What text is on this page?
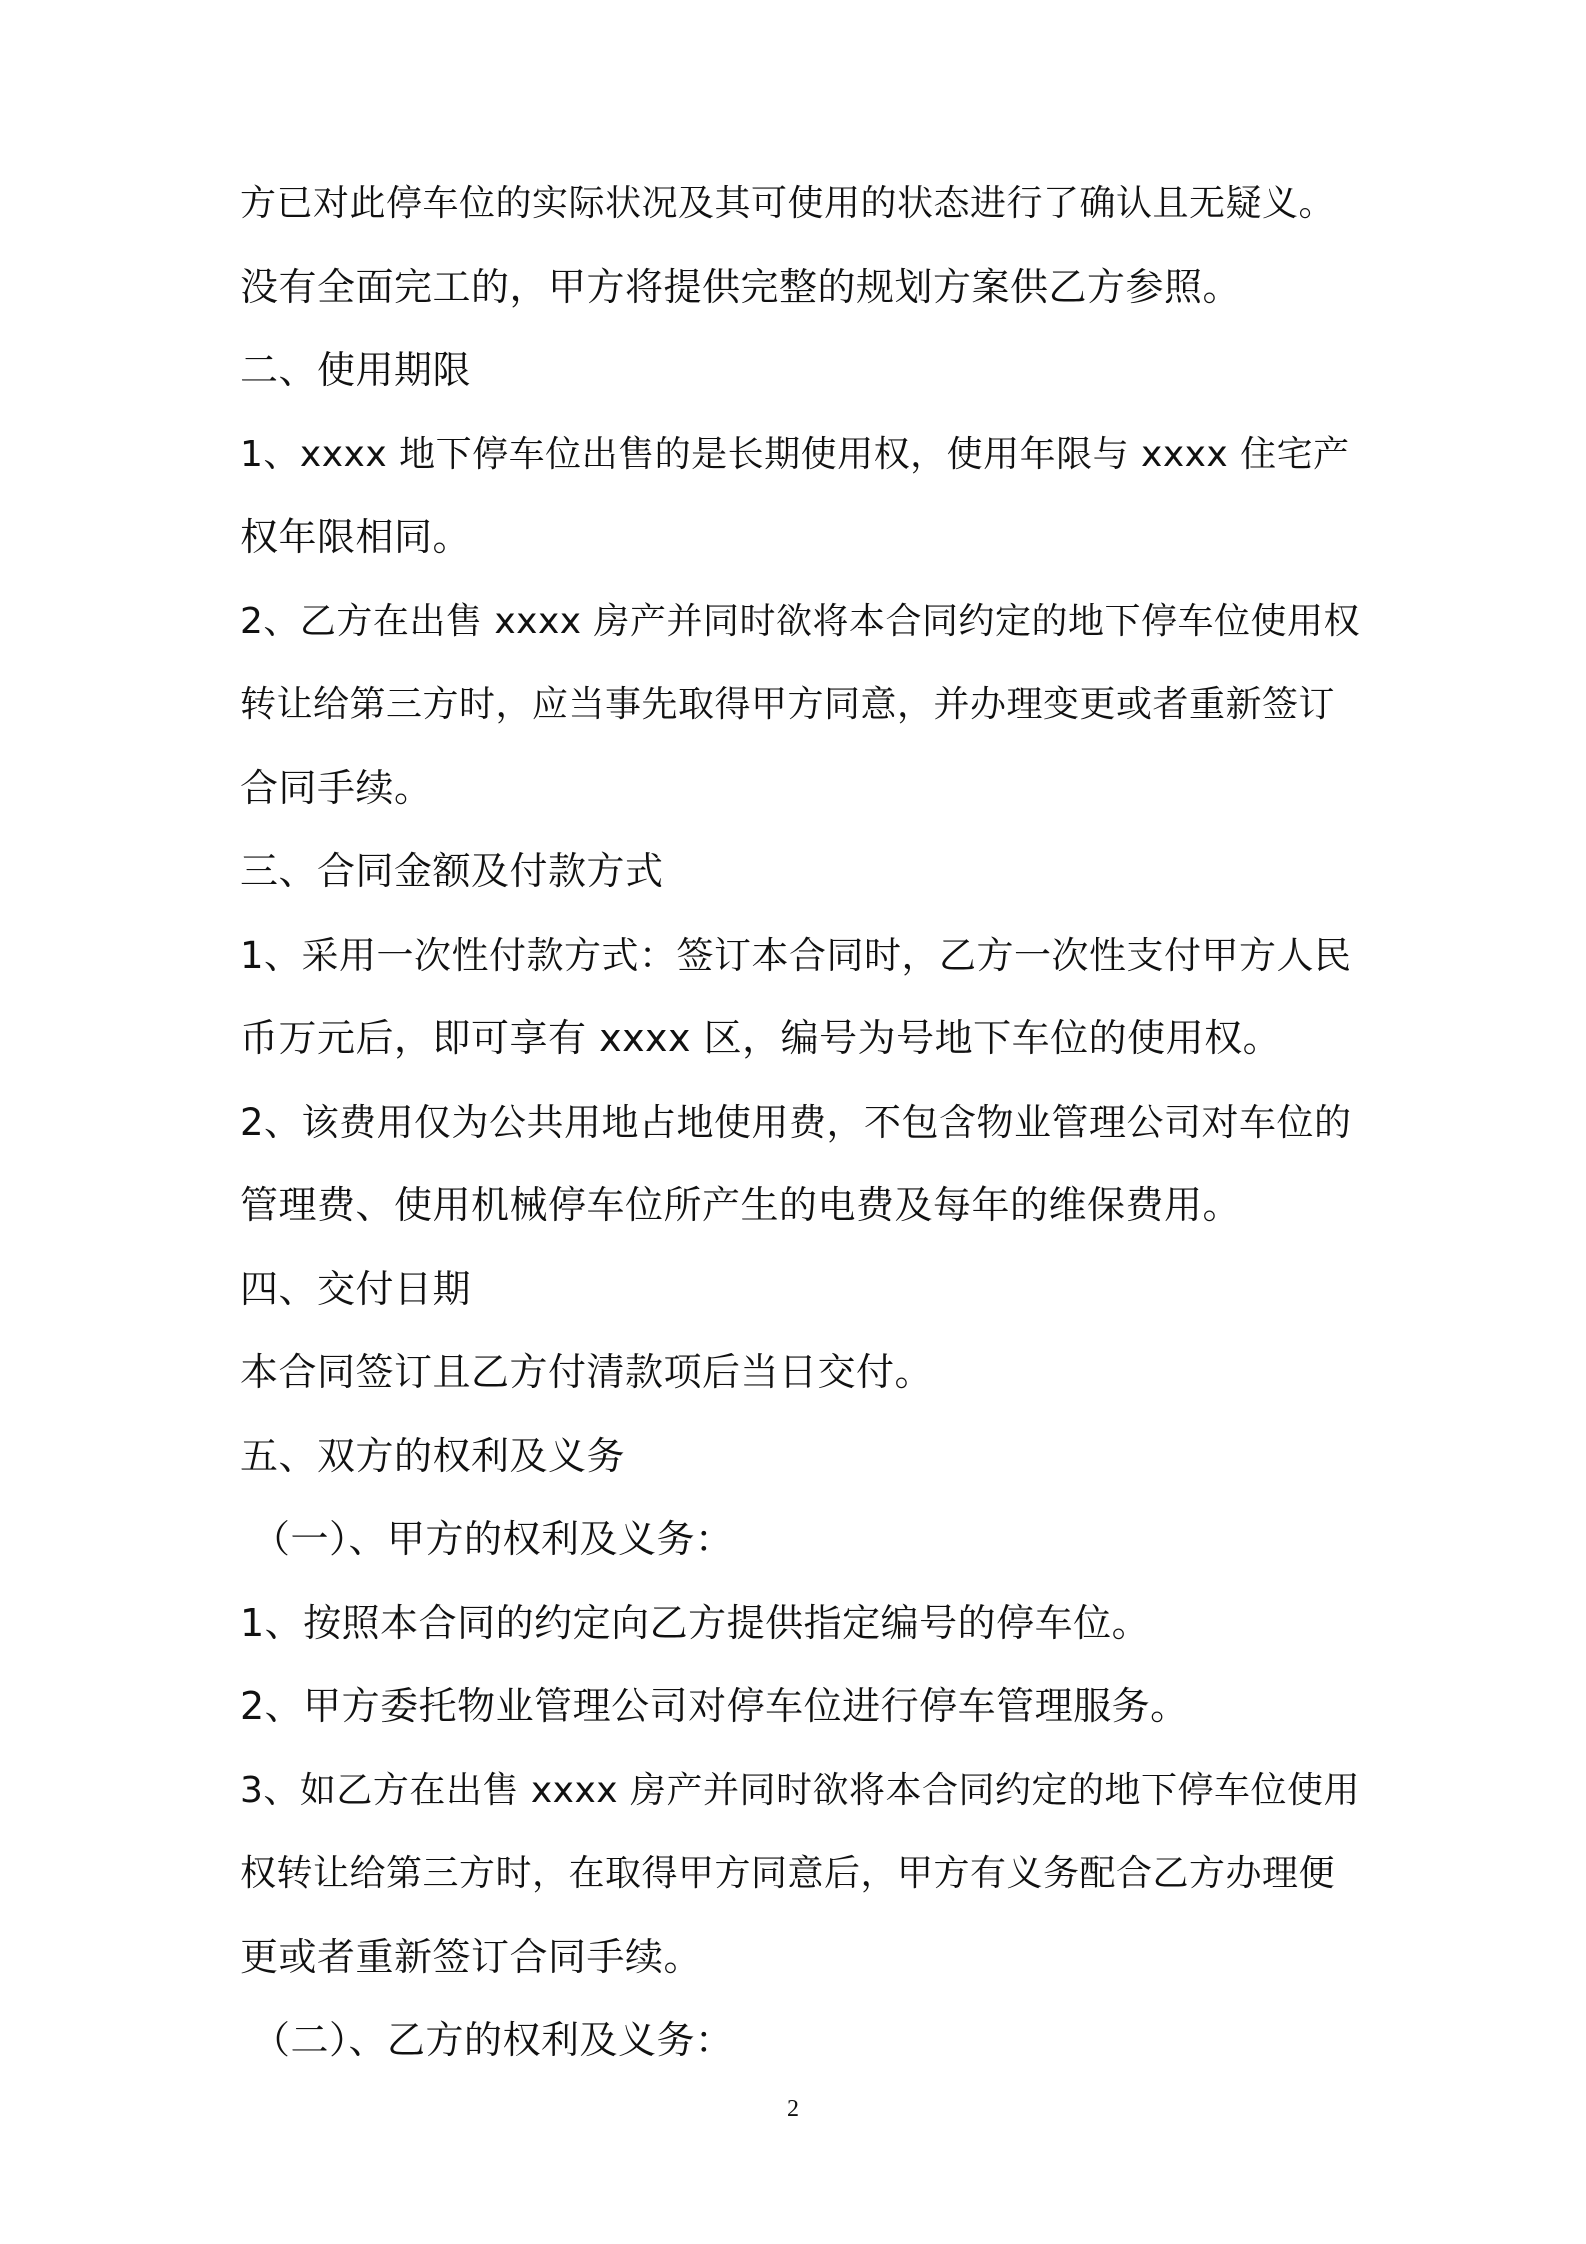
方已对此停车位的实际状况及其可使用的状态进行了确认且无疑义。
没有全面完工的，甲方将提供完整的规划方案供乙方参照。
二、使用期限
1、xxxx 地下停车位出售的是长期使用权，使用年限与 xxxx 住宅产
权年限相同。
2、乙方在出售 xxxx 房产并同时欲将本合同约定的地下停车位使用权
转让给第三方时，应当事先取得甲方同意，并办理变更或者重新签订
合同手续。
三、合同金额及付款方式
1、采用一次性付款方式：签订本合同时，乙方一次性支付甲方人民
币万元后，即可享有 xxxx 区，编号为号地下车位的使用权。
2、该费用仅为公共用地占地使用费，不包含物业管理公司对车位的
管理费、使用机械停车位所产生的电费及每年的维保费用。
四、交付日期
本合同签订且乙方付清款项后当日交付。
五、双方的权利及义务
（一）、甲方的权利及义务：
1、按照本合同的约定向乙方提供指定编号的停车位。
2、甲方委托物业管理公司对停车位进行停车管理服务。
3、如乙方在出售 xxxx 房产并同时欲将本合同约定的地下停车位使用
权转让给第三方时，在取得甲方同意后，甲方有义务配合乙方办理便
更或者重新签订合同手续。
（二）、乙方的权利及义务：
2
